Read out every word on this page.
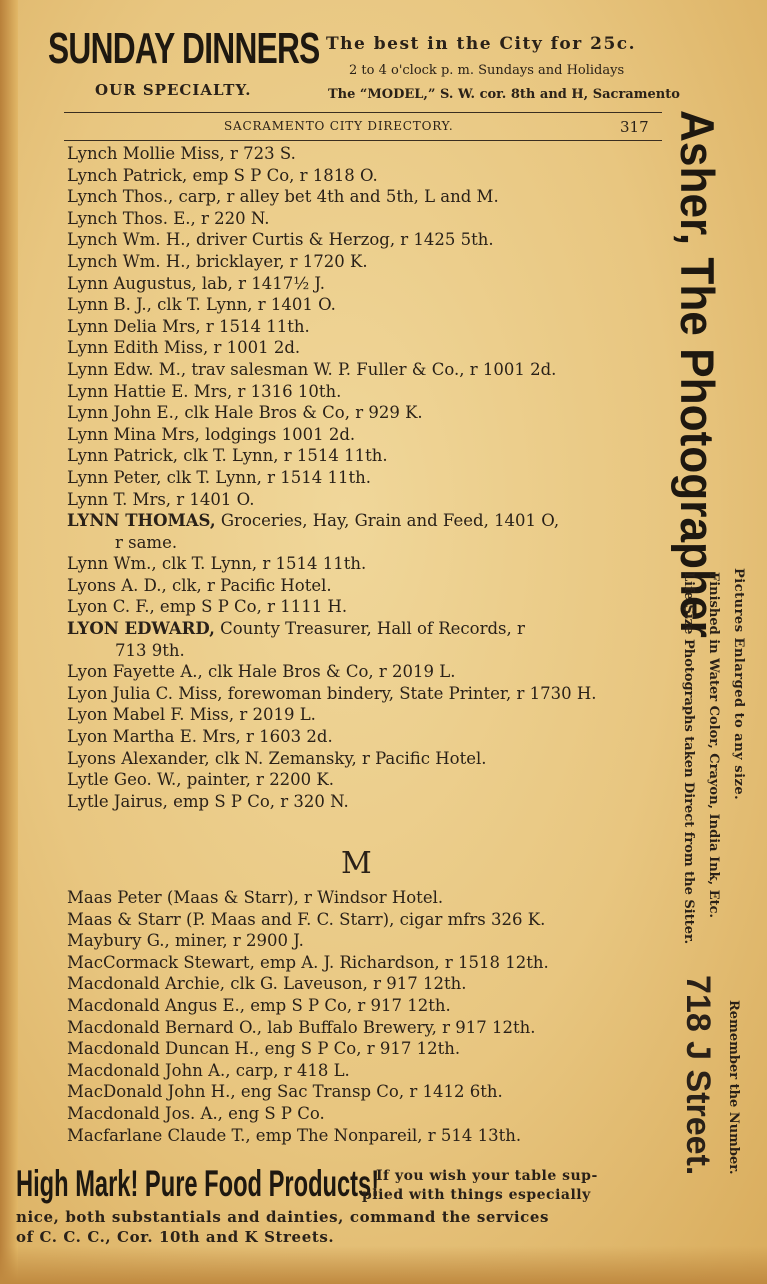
SUNDAY DINNERS
OUR SPECIALTY.
The best in the City for 25c.
2 to 4 o'clock p. m. Sundays and Holidays
The “MODEL,” S. W. cor. 8th and H, Sacramento
SACRAMENTO CITY DIRECTORY.	317
Lynch Mollie Miss, r 723 S.
Lynch Patrick, emp S P Co, r 1818 O.
Lynch Thos., carp, r alley bet 4th and 5th, L and M.
Lynch Thos. E., r 220 N.
Lynch Wm. H., driver Curtis & Herzog, r 1425 5th.
Lynch Wm. H., bricklayer, r 1720 K.
Lynn Augustus, lab, r 1417½ J.
Lynn B. J., clk T. Lynn, r 1401 O.
Lynn Delia Mrs, r 1514 11th.
Lynn Edith Miss, r 1001 2d.
Lynn Edw. M., trav salesman W. P. Fuller & Co., r 1001 2d.
Lynn Hattie E. Mrs, r 1316 10th.
Lynn John E., clk Hale Bros & Co, r 929 K.
Lynn Mina Mrs, lodgings 1001 2d.
Lynn Patrick, clk T. Lynn, r 1514 11th.
Lynn Peter, clk T. Lynn, r 1514 11th.
Lynn T. Mrs, r 1401 O.
LYNN THOMAS, Groceries, Hay, Grain and Feed, 1401 O,
r same.
Lynn Wm., clk T. Lynn, r 1514 11th.
Lyons A. D., clk, r Pacific Hotel.
Lyon C. F., emp S P Co, r 1111 H.
LYON EDWARD, County Treasurer, Hall of Records, r
713 9th.
Lyon Fayette A., clk Hale Bros & Co, r 2019 L.
Lyon Julia C. Miss, forewoman bindery, State Printer, r 1730 H.
Lyon Mabel F. Miss, r 2019 L.
Lyon Martha E. Mrs, r 1603 2d.
Lyons Alexander, clk N. Zemansky, r Pacific Hotel.
Lytle Geo. W., painter, r 2200 K.
Lytle Jairus, emp S P Co, r 320 N.
M
Maas Peter (Maas & Starr), r Windsor Hotel.
Maas & Starr (P. Maas and F. C. Starr), cigar mfrs 326 K.
Maybury G., miner, r 2900 J.
MacCormack Stewart, emp A. J. Richardson, r 1518 12th.
Macdonald Archie, clk G. Laveuson, r 917 12th.
Macdonald Angus E., emp S P Co, r 917 12th.
Macdonald Bernard O., lab Buffalo Brewery, r 917 12th.
Macdonald Duncan H., eng S P Co, r 917 12th.
Macdonald John A., carp, r 418 L.
MacDonald John H., eng Sac Transp Co, r 1412 6th.
Macdonald Jos. A., eng S P Co.
Macfarlane Claude T., emp The Nonpareil, r 514 13th.
Asher, The Photographer
Pictures Enlarged to any size.
Finished in Water Color, Crayon, India Ink, Etc.
Life Size Photographs taken Direct from the Sitter.
718 J Street. Remember the Number.
High Mark! Pure Food Products!
If you wish your table sup-
plied with things especially
nice, both substantials and dainties, command the services
of C. C. C., Cor. 10th and K Streets.
